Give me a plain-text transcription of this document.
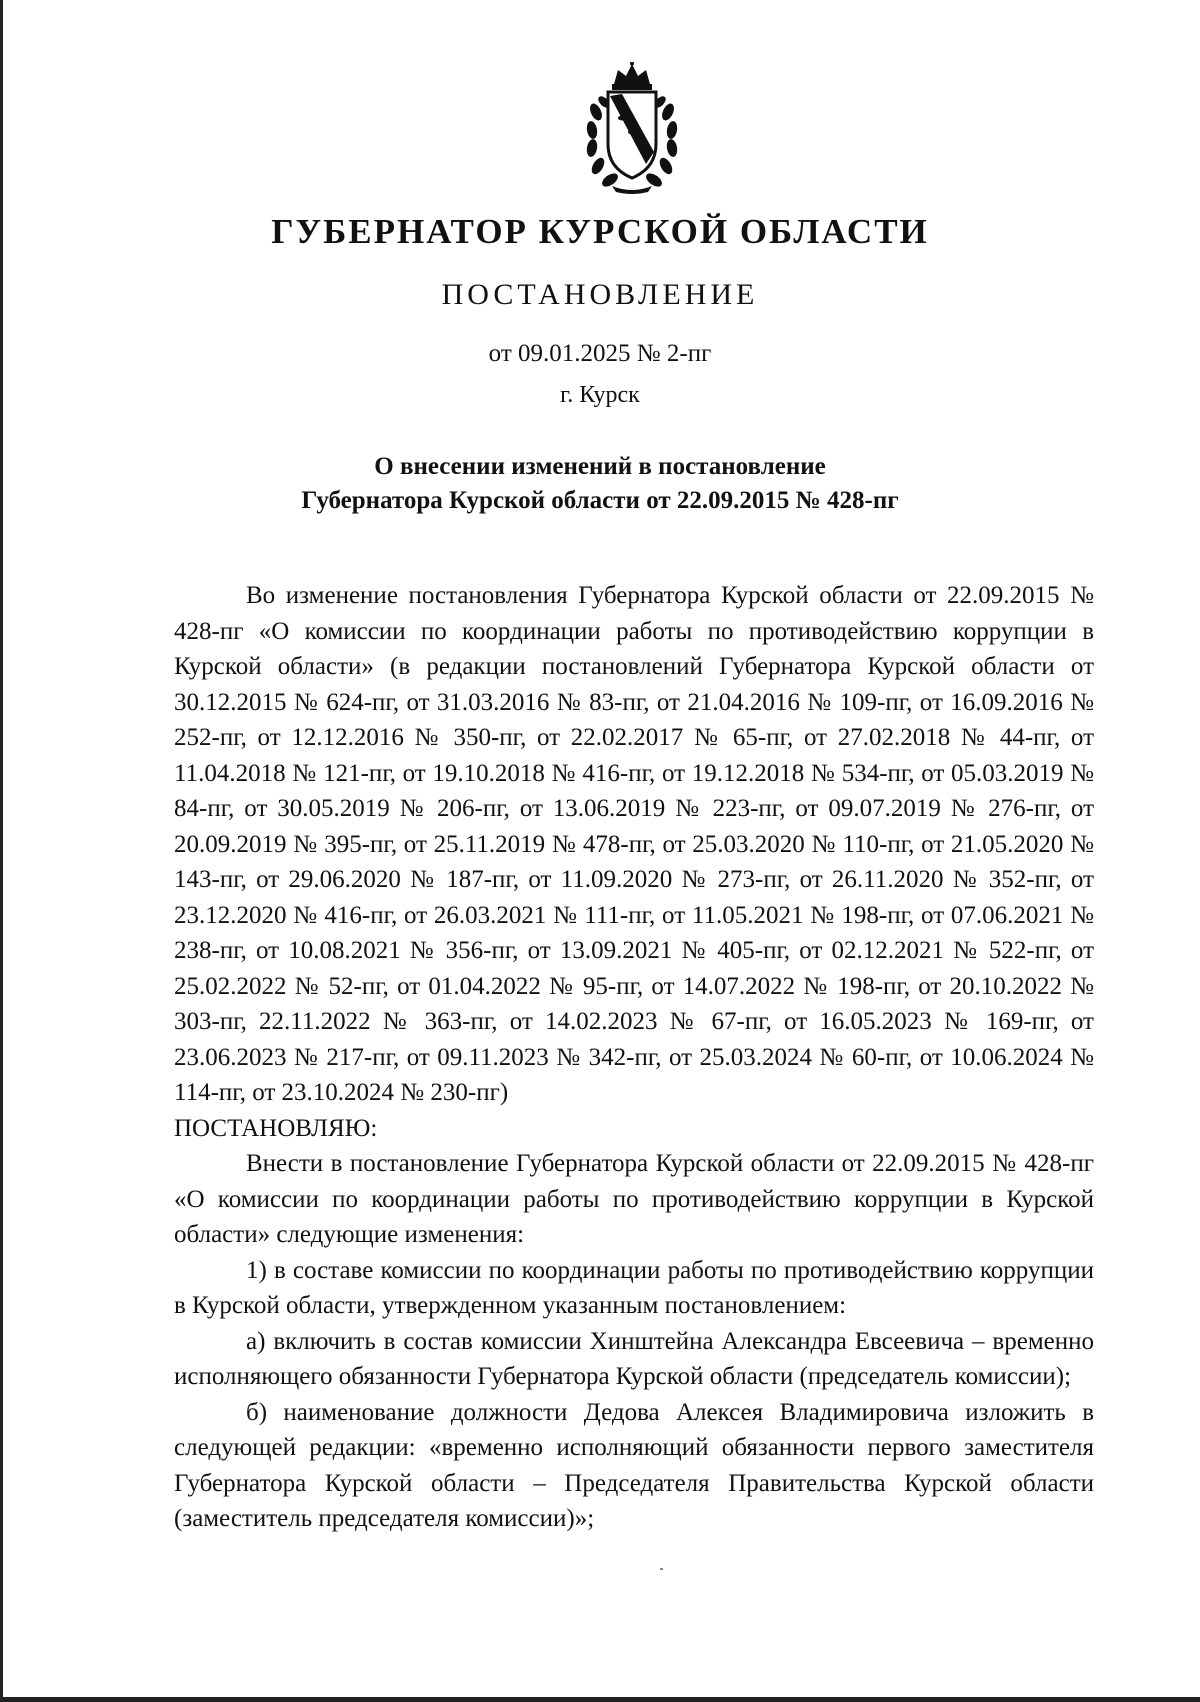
ГУБЕРНАТОР КУРСКОЙ ОБЛАСТИ
ПОСТАНОВЛЕНИЕ
от 09.01.2025 № 2-пг
г. Курск
О внесении изменений в постановление
Губернатора Курской области от 22.09.2015 № 428-пг

Во изменение постановления Губернатора Курской области от 22.09.2015 № 428-пг «О комиссии по координации работы по противодействию коррупции в Курской области» (в редакции постановлений Губернатора Курской области от 30.12.2015 № 624-пг, от 31.03.2016 № 83-пг, от 21.04.2016 № 109-пг, от 16.09.2016 № 252-пг, от 12.12.2016 № 350-пг, от 22.02.2017 № 65-пг, от 27.02.2018 № 44-пг, от 11.04.2018 № 121-пг, от 19.10.2018 № 416-пг, от 19.12.2018 № 534-пг, от 05.03.2019 № 84-пг, от 30.05.2019 № 206-пг, от 13.06.2019 № 223-пг, от 09.07.2019 № 276-пг, от 20.09.2019 № 395-пг, от 25.11.2019 № 478-пг, от 25.03.2020 № 110-пг, от 21.05.2020 № 143-пг, от 29.06.2020 № 187-пг, от 11.09.2020 № 273-пг, от 26.11.2020 № 352-пг, от 23.12.2020 № 416-пг, от 26.03.2021 № 111-пг, от 11.05.2021 № 198-пг, от 07.06.2021 № 238-пг, от 10.08.2021 № 356-пг, от 13.09.2021 № 405-пг, от 02.12.2021 № 522-пг, от 25.02.2022 № 52-пг, от 01.04.2022 № 95-пг, от 14.07.2022 № 198-пг, от 20.10.2022 № 303-пг, 22.11.2022 № 363-пг, от 14.02.2023 № 67-пг, от 16.05.2023 № 169-пг, от 23.06.2023 № 217-пг, от 09.11.2023 № 342-пг, от 25.03.2024 № 60-пг, от 10.06.2024 № 114-пг, от 23.10.2024 № 230-пг)

ПОСТАНОВЛЯЮ:

Внести в постановление Губернатора Курской области от 22.09.2015 № 428-пг «О комиссии по координации работы по противодействию коррупции в Курской области» следующие изменения:

1) в составе комиссии по координации работы по противодействию коррупции в Курской области, утвержденном указанным постановлением:

а) включить в состав комиссии Хинштейна Александра Евсеевича – временно исполняющего обязанности Губернатора Курской области (председатель комиссии);

б) наименование должности Дедова Алексея Владимировича изложить в следующей редакции: «временно исполняющий обязанности первого заместителя Губернатора Курской области – Председателя Правительства Курской области (заместитель председателя комиссии)»;
